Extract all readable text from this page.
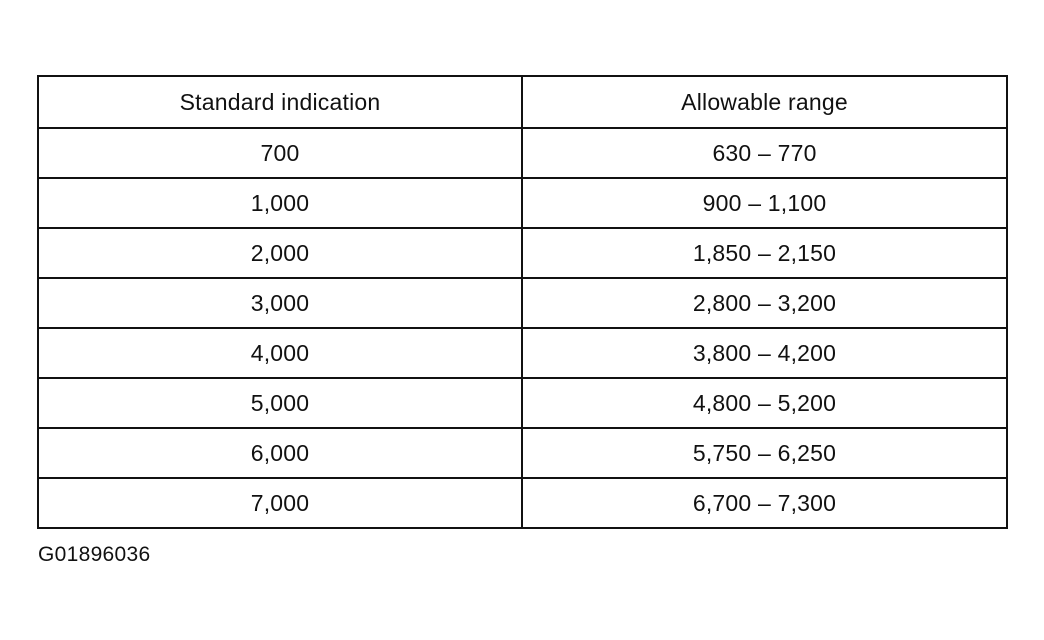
Standard indication	Allowable range
700	630 – 770
1,000	900 – 1,100
2,000	1,850 – 2,150
3,000	2,800 – 3,200
4,000	3,800 – 4,200
5,000	4,800 – 5,200
6,000	5,750 – 6,250
7,000	6,700 – 7,300
G01896036
